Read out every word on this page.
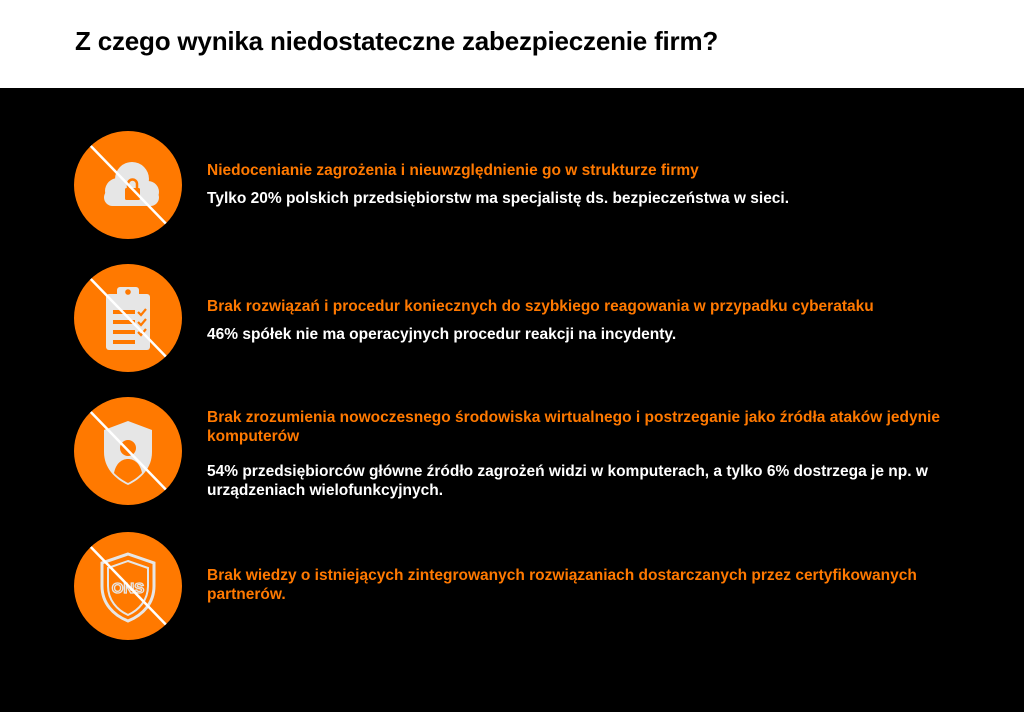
Z czego wynika niedostateczne zabezpieczenie firm?

Niedocenianie zagrożenia i nieuwzględnienie go w strukturze firmy

Tylko 20% polskich przedsiębiorstw ma specjalistę ds. bezpieczeństwa w sieci.

Brak rozwiązań i procedur koniecznych do szybkiego reagowania w przypadku cyberataku

46% spółek nie ma operacyjnych procedur reakcji na incydenty.

Brak zrozumienia nowoczesnego środowiska wirtualnego i postrzeganie jako źródła ataków jedynie komputerów

54% przedsiębiorców główne źródło zagrożeń widzi w komputerach, a tylko 6% dostrzega je np. w urządzeniach wielofunkcyjnych.

ONS

Brak wiedzy o istniejących zintegrowanych rozwiązaniach dostarczanych przez certyfikowanych partnerów.
